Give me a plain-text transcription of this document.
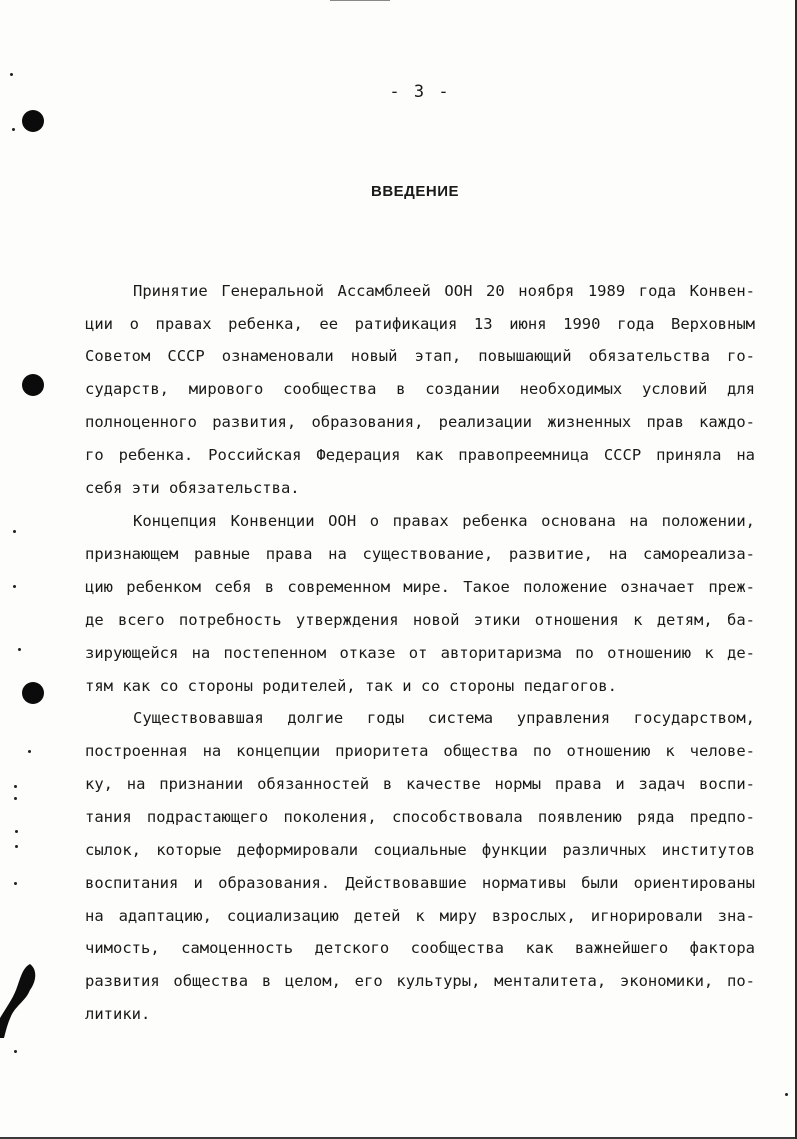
- 3 -
ВВЕДЕНИЕ
Принятие Генеральной Ассамблеей ООН 20 ноября 1989 года Конвен-
ции о правах ребенка, ее ратификация 13 июня 1990 года Верховным
Советом СССР ознаменовали новый этап, повышающий обязательства го-
сударств, мирового сообщества в создании необходимых условий для
полноценного развития, образования, реализации жизненных прав каждо-
го ребенка. Российская Федерация как правопреемница СССР приняла на
себя эти обязательства.
Концепция Конвенции ООН о правах ребенка основана на положении,
признающем равные права на существование, развитие, на самореализа-
цию ребенком себя в современном мире. Такое положение означает преж‐
де всего потребность утверждения новой этики отношения к детям, ба-
зирующейся на постепенном отказе от авторитаризма по отношению к де-
тям как со стороны родителей, так и со стороны педагогов.
Существовавшая долгие годы система управления государством,
построенная на концепции приоритета общества по отношению к челове-
ку, на признании обязанностей в качестве нормы права и задач воспи-
тания подрастающего поколения, способствовала появлению ряда предпо-
сылок, которые деформировали социальные функции различных институтов
воспитания и образования. Действовавшие нормативы были ориентированы
на адаптацию, социализацию детей к миру взрослых, игнорировали зна-
чимость, самоценность детского сообщества как важнейшего фактора
развития общества в целом, его культуры, менталитета, экономики, по-
литики.
